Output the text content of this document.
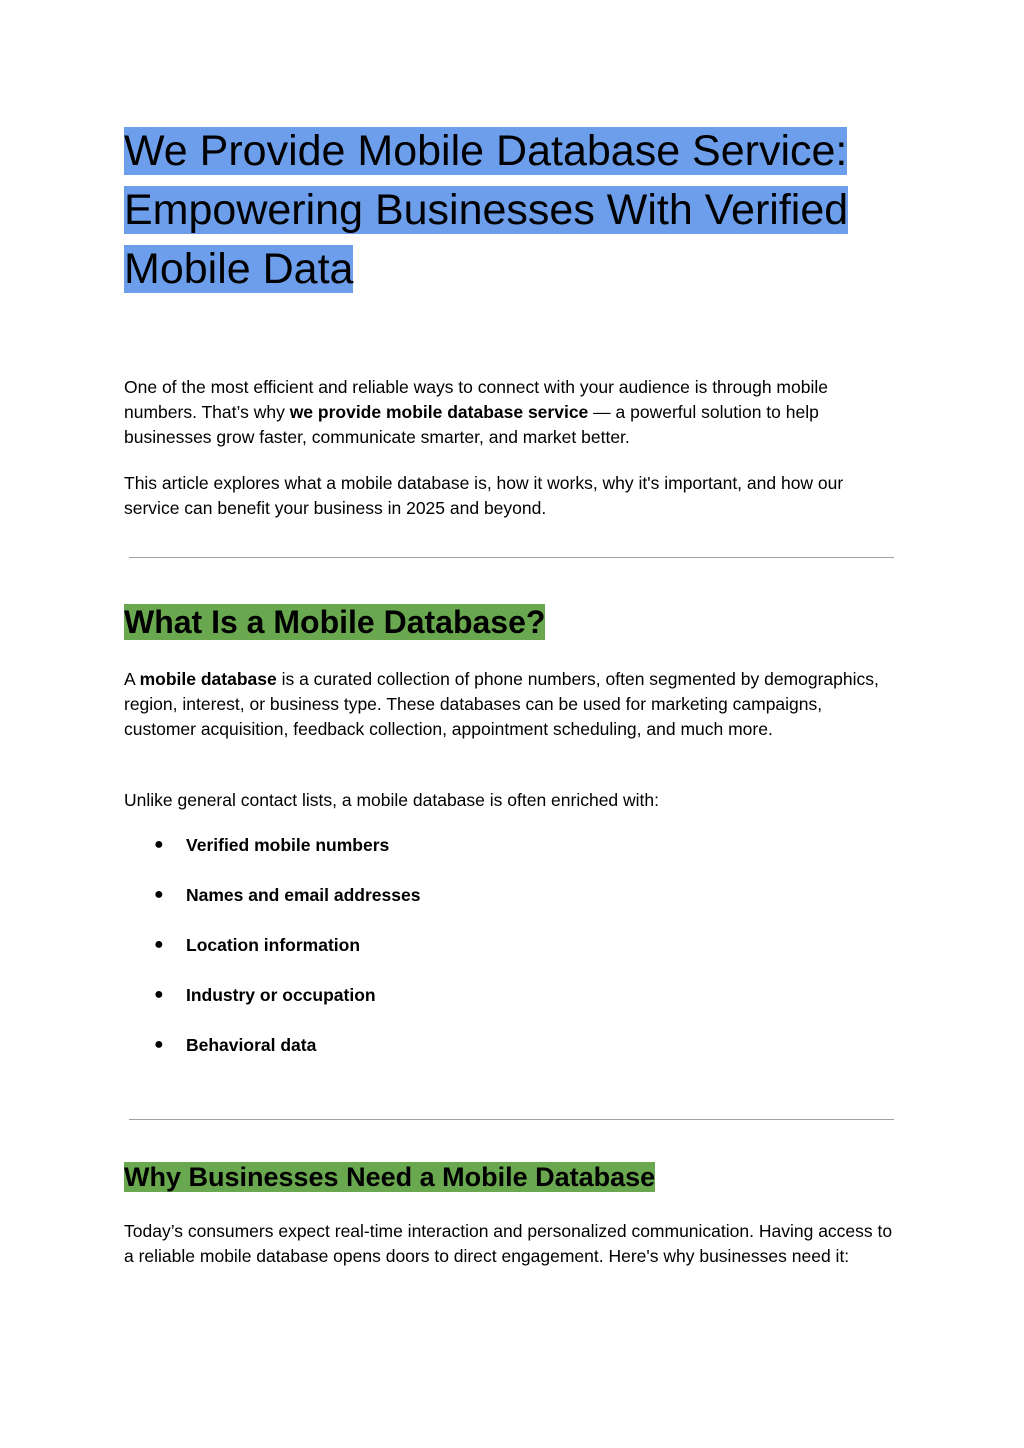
We Provide Mobile Database Service: Empowering Businesses With Verified Mobile Data

One of the most efficient and reliable ways to connect with your audience is through mobile numbers. That’s why we provide mobile database service — a powerful solution to help businesses grow faster, communicate smarter, and market better.

This article explores what a mobile database is, how it works, why it's important, and how our service can benefit your business in 2025 and beyond.

What Is a Mobile Database?

A mobile database is a curated collection of phone numbers, often segmented by demographics, region, interest, or business type. These databases can be used for marketing campaigns, customer acquisition, feedback collection, appointment scheduling, and much more.

Unlike general contact lists, a mobile database is often enriched with:

● Verified mobile numbers
● Names and email addresses
● Location information
● Industry or occupation
● Behavioral data
Why Businesses Need a Mobile Database

Today’s consumers expect real-time interaction and personalized communication. Having access to a reliable mobile database opens doors to direct engagement. Here's why businesses need it:
